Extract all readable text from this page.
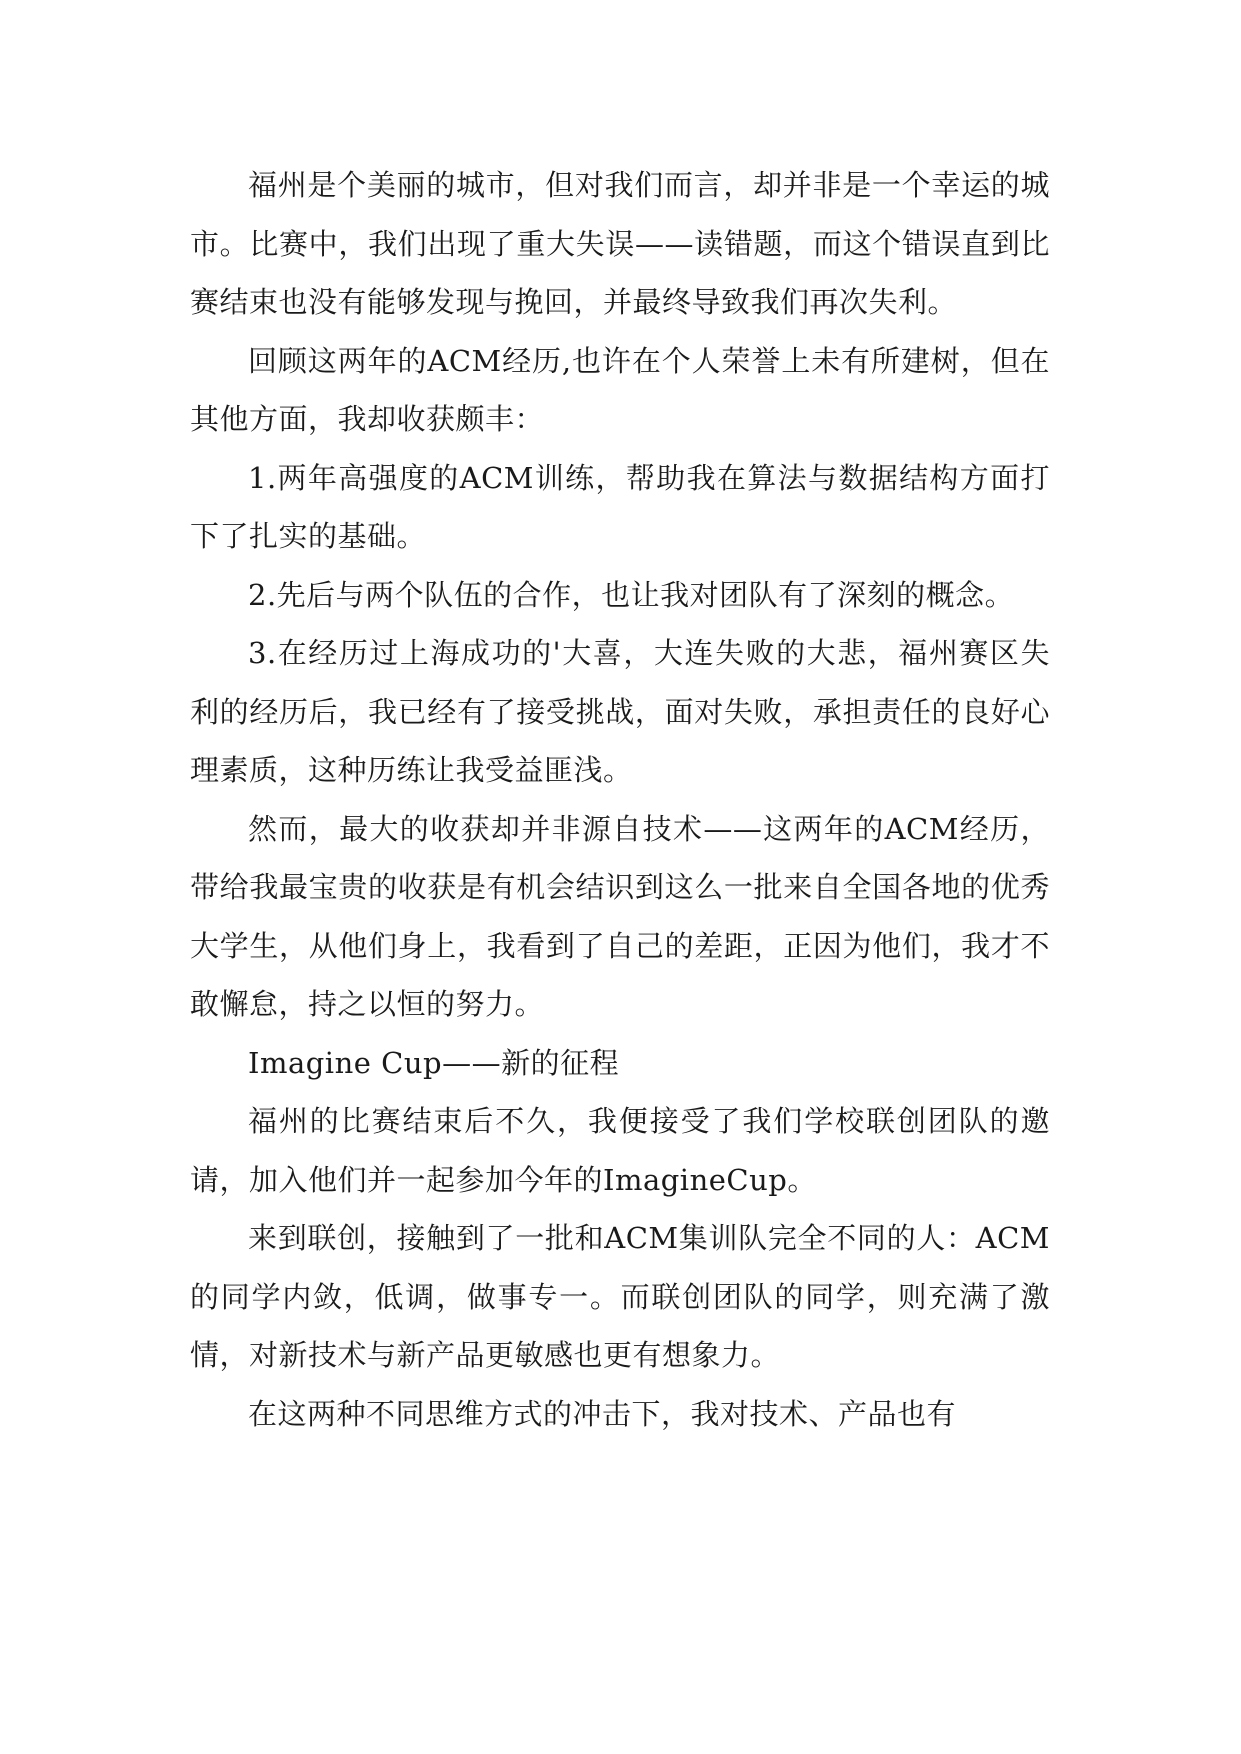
福州是个美丽的城市，但对我们而言，却并非是一个幸运的城市。比赛中，我们出现了重大失误——读错题，而这个错误直到比赛结束也没有能够发现与挽回，并最终导致我们再次失利。

回顾这两年的ACM经历,也许在个人荣誉上未有所建树，但在其他方面，我却收获颇丰：

1.两年高强度的ACM训练，帮助我在算法与数据结构方面打下了扎实的基础。

2.先后与两个队伍的合作，也让我对团队有了深刻的概念。

3.在经历过上海成功的'大喜，大连失败的大悲，福州赛区失利的经历后，我已经有了接受挑战，面对失败，承担责任的良好心理素质，这种历练让我受益匪浅。

然而，最大的收获却并非源自技术——这两年的ACM经历，带给我最宝贵的收获是有机会结识到这么一批来自全国各地的优秀大学生，从他们身上，我看到了自己的差距，正因为他们，我才不敢懈怠，持之以恒的努力。

Imagine Cup——新的征程

福州的比赛结束后不久，我便接受了我们学校联创团队的邀请，加入他们并一起参加今年的ImagineCup。

来到联创，接触到了一批和ACM集训队完全不同的人：ACM的同学内敛，低调，做事专一。而联创团队的同学，则充满了激情，对新技术与新产品更敏感也更有想象力。

在这两种不同思维方式的冲击下，我对技术、产品也有
